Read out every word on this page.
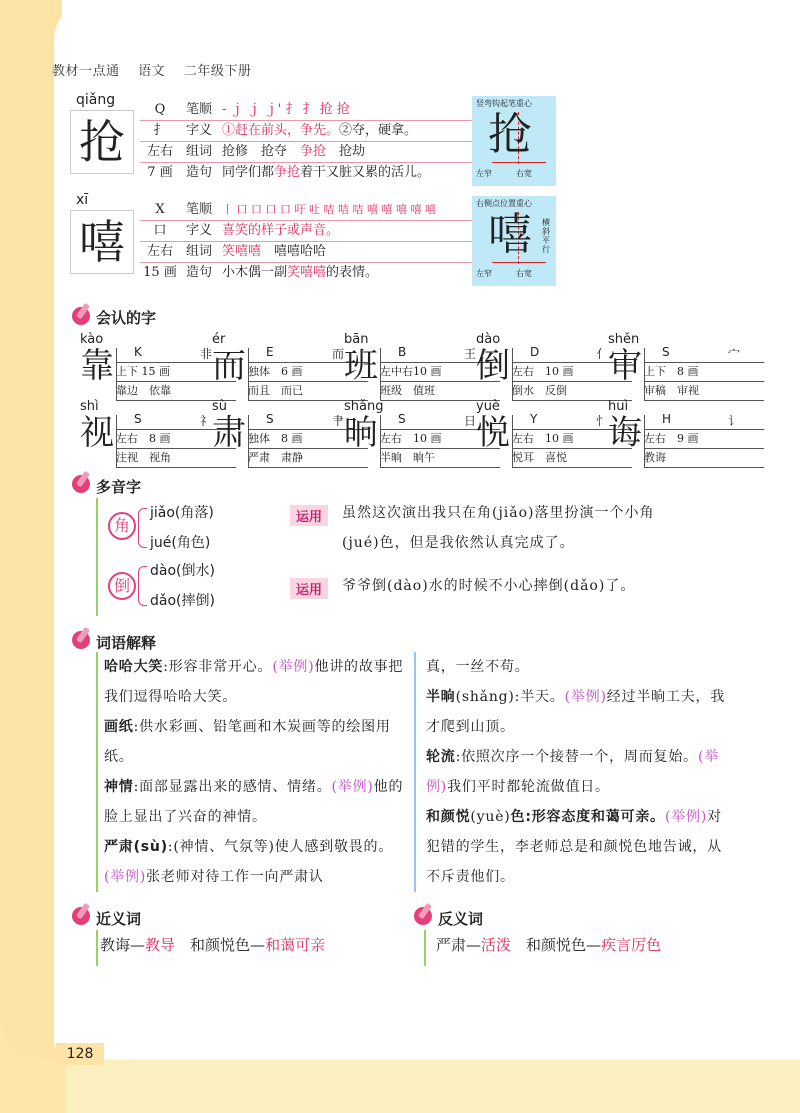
教材一点通 语文 二年级下册
qiǎng
抢
Q	笔顺 - ｊ ｊ ｊ' 扌 扌 抢 抢
扌	字义 ①赶在前头，争先。②夺，硬拿。
左右	组词 抢修　抢夺　争抢　抢劫
7 画	造句 同学们都争抢着干又脏又累的活儿。
竖弯钩起笔重心
抢
左窄	右宽
xī
嘻
X	笔顺 丨 口 口 口 口 吁 吐 咭 咭 咭 嘻 嘻 嘻 嘻 嘻
口	字义 喜笑的样子或声音。
左右	组词 笑嘻嘻　嘻嘻哈哈
15 画 造句 小木偶一副笑嘻嘻的表情。
右侧点位置重心
嘻 横斜平行
左窄	右宽
会认的字
kào
靠 K	非
上下 15 画
靠边　依靠
ér
而 E	而
独体　6 画
而且　而已
bān
班 B	王
左中右10 画
班级　值班
dào
倒 D	亻
左右　10 画
倒水　反倒
shěn
审 S	宀
上下　8 画
审稿　审视
shì
视 S	礻
左右　8 画
注视　视角
sù
肃 S	肀
独体　8 画
严肃　肃静
shǎng
晌 S	日
左右　10 画
半晌　晌午
yuè
悦 Y	忄
左右　10 画
悦耳　喜悦
huì
诲 H	讠
左右　9 画
教诲
多音字
角
jiǎo(角落)
jué(角色)
运用	虽然这次演出我只在角(jiǎo)落里扮演一个小角
(jué)色，但是我依然认真完成了。
倒
dào(倒水)
dǎo(摔倒)
运用	爷爷倒(dào)水的时候不小心摔倒(dǎo)了。
词语解释
哈哈大笑:形容非常开心。(举例)他讲的故事把我们逗得哈哈大笑。
画纸:供水彩画、铅笔画和木炭画等的绘图用纸。
神情:面部显露出来的感情、情绪。(举例)他的脸上显出了兴奋的神情。
严肃(sù):(神情、气氛等)使人感到敬畏的。(举例)张老师对待工作一向严肃认
真，一丝不苟。
半晌(shǎng):半天。(举例)经过半晌工夫，我才爬到山顶。
轮流:依照次序一个接替一个，周而复始。(举例)我们平时都轮流做值日。
和颜悦(yuè)色:形容态度和蔼可亲。(举例)对犯错的学生，李老师总是和颜悦色地告诫，从不斥责他们。
近义词
教诲—教导　 和颜悦色—和蔼可亲
反义词
严肃—活泼　 和颜悦色—疾言厉色
128
